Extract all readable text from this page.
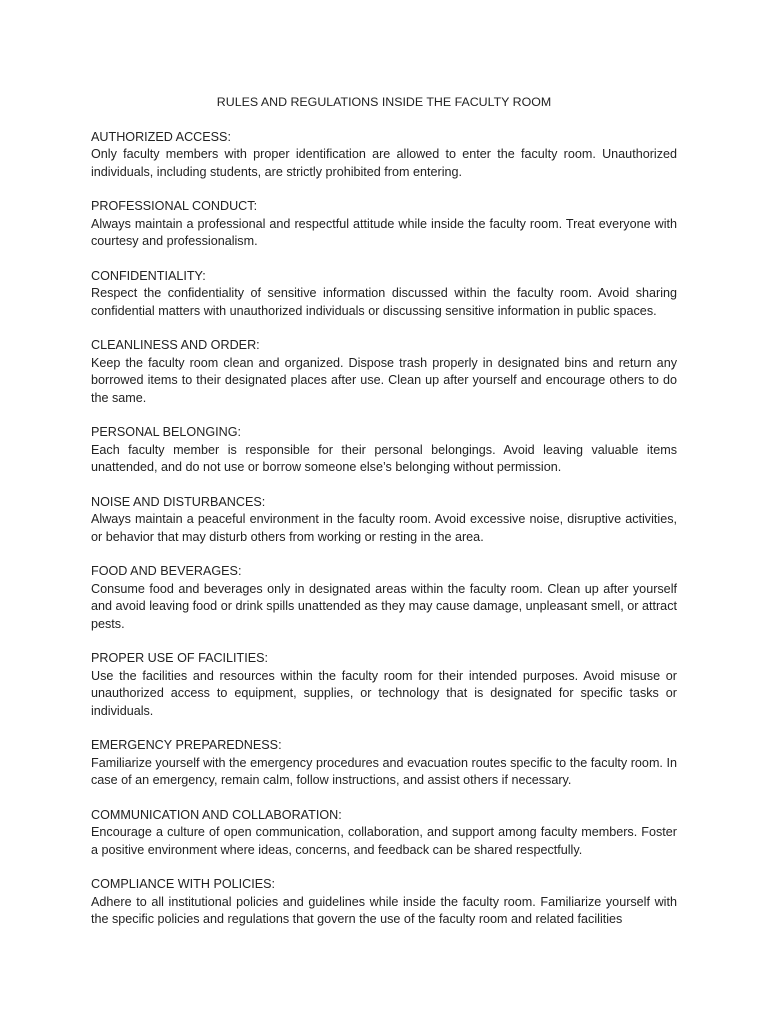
RULES AND REGULATIONS INSIDE THE FACULTY ROOM
AUTHORIZED ACCESS:
Only faculty members with proper identification are allowed to enter the faculty room. Unauthorized individuals, including students, are strictly prohibited from entering.
PROFESSIONAL CONDUCT:
Always maintain a professional and respectful attitude while inside the faculty room. Treat everyone with courtesy and professionalism.
CONFIDENTIALITY:
Respect the confidentiality of sensitive information discussed within the faculty room. Avoid sharing confidential matters with unauthorized individuals or discussing sensitive information in public spaces.
CLEANLINESS AND ORDER:
Keep the faculty room clean and organized. Dispose trash properly in designated bins and return any borrowed items to their designated places after use. Clean up after yourself and encourage others to do the same.
PERSONAL BELONGING:
Each faculty member is responsible for their personal belongings. Avoid leaving valuable items unattended, and do not use or borrow someone else’s belonging without permission.
NOISE AND DISTURBANCES:
Always maintain a peaceful environment in the faculty room. Avoid excessive noise, disruptive activities, or behavior that may disturb others from working or resting in the area.
FOOD AND BEVERAGES:
Consume food and beverages only in designated areas within the faculty room. Clean up after yourself and avoid leaving food or drink spills unattended as they may cause damage, unpleasant smell, or attract pests.
PROPER USE OF FACILITIES:
Use the facilities and resources within the faculty room for their intended purposes. Avoid misuse or unauthorized access to equipment, supplies, or technology that is designated for specific tasks or individuals.
EMERGENCY PREPAREDNESS:
Familiarize yourself with the emergency procedures and evacuation routes specific to the faculty room. In case of an emergency, remain calm, follow instructions, and assist others if necessary.
COMMUNICATION AND COLLABORATION:
Encourage a culture of open communication, collaboration, and support among faculty members. Foster a positive environment where ideas, concerns, and feedback can be shared respectfully.
COMPLIANCE WITH POLICIES:
Adhere to all institutional policies and guidelines while inside the faculty room. Familiarize yourself with the specific policies and regulations that govern the use of the faculty room and related facilities
